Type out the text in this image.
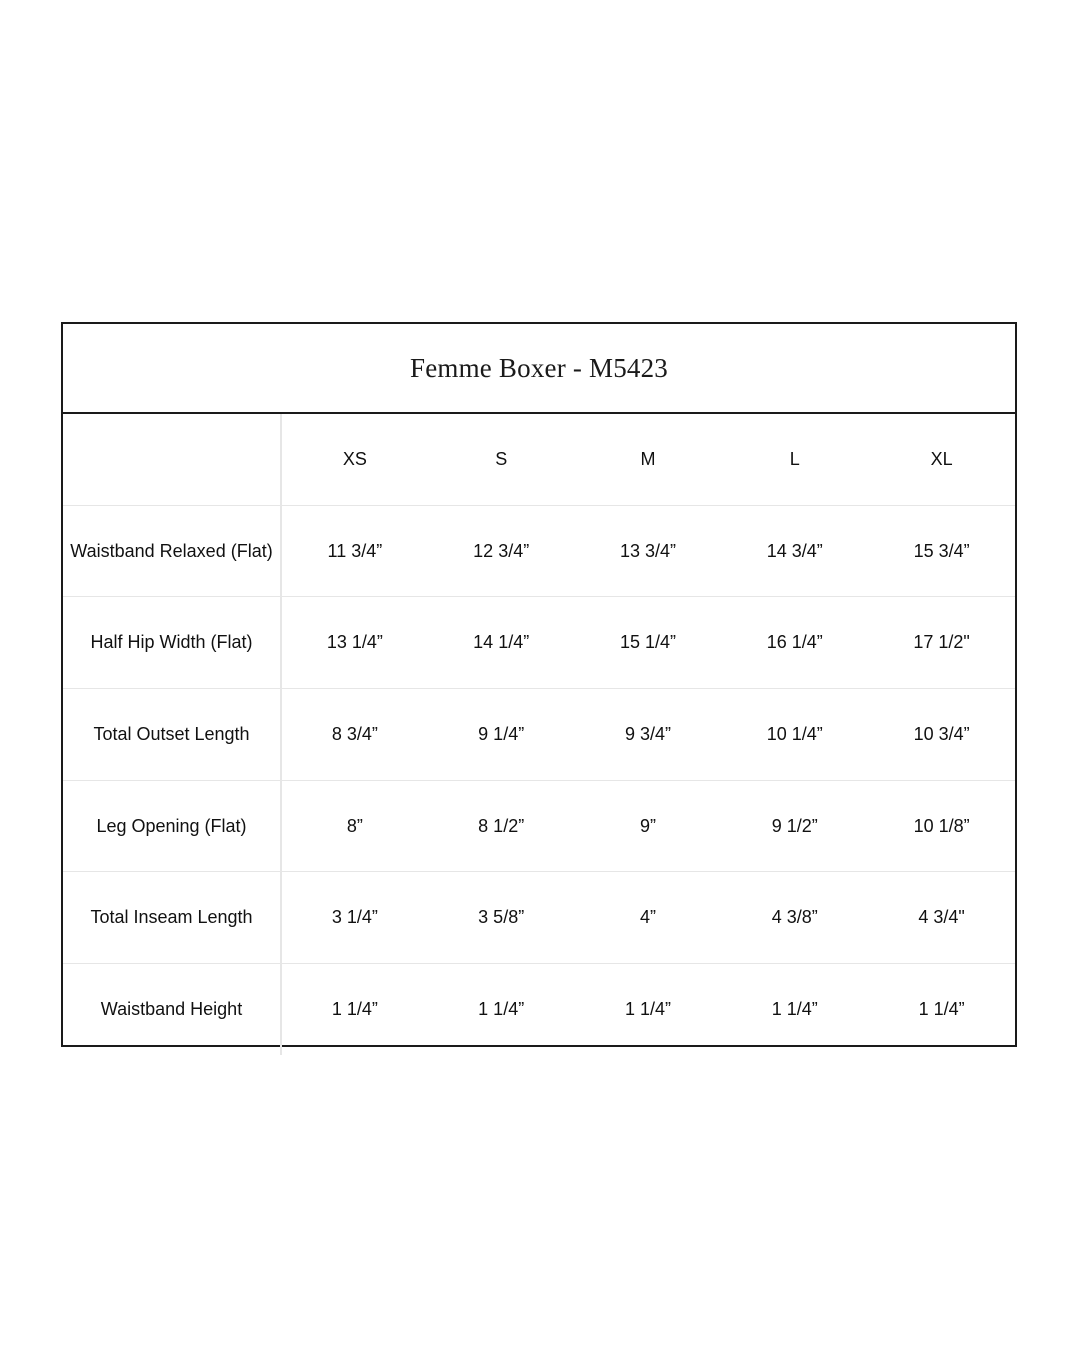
Femme Boxer - M5423
	XS	S	M	L	XL
Waistband Relaxed (Flat)	11 3/4”	12 3/4”	13 3/4”	14 3/4”	15 3/4”
Half Hip Width (Flat)	13 1/4”	14 1/4”	15 1/4”	16 1/4”	17 1/2"
Total Outset Length	8 3/4”	9 1/4”	9 3/4”	10 1/4”	10 3/4”
Leg Opening (Flat)	8”	8 1/2”	9”	9 1/2”	10 1/8”
Total Inseam Length	3 1/4”	3 5/8”	4”	4 3/8”	4 3/4"
Waistband Height	1 1/4”	1 1/4”	1 1/4”	1 1/4”	1 1/4”
